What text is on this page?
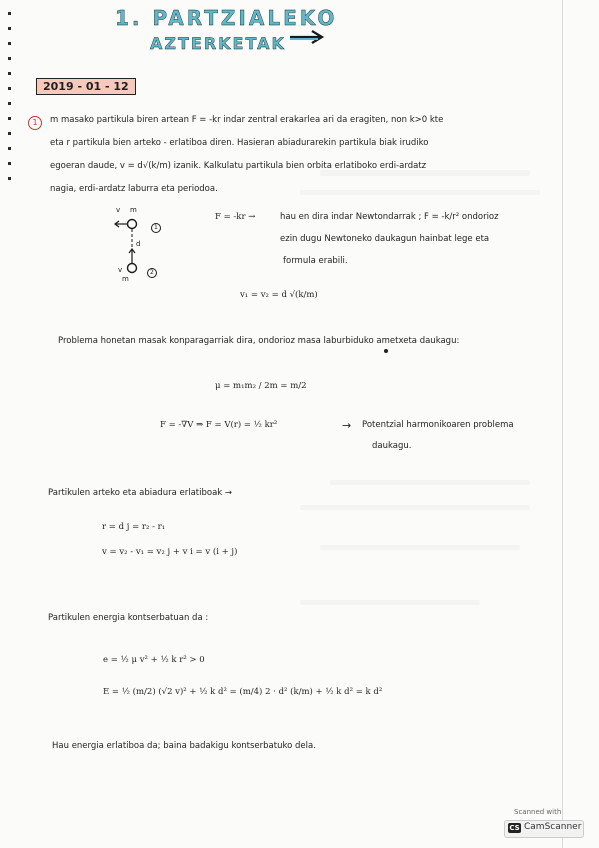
1. PARTZIALEKO
AZTERKETAK
2019 - 01 - 12
1	m masako partikula biren artean F = -kr indar zentral erakarlea ari da eragiten, non k>0 kte
eta r partikula bien arteko - erlatiboa diren. Hasieran abiadurarekin partikula biak irudiko
egoeran daude, v = d√(k/m) izanik. Kalkulatu partikula bien orbita erlatiboko erdi-ardatz
nagia, erdi-ardatz laburra eta periodoa.
v m
d
v
m
1
2
F = -kr →	hau en dira indar Newtondarrak ; F = -k/r² ondorioz
ezin dugu Newtoneko daukagun hainbat lege eta
formula erabili.
v₁ = v₂ = d √(k/m)
Problema honetan masak konparagarriak dira, ondorioz masa laburbiduko ametxeta daukagu:
μ = m₁m₂ / 2m = m/2
F = -∇V ⇒ F = V(r) = ½ kr²	→ Potentzial harmonikoaren problema
daukagu.
Partikulen arteko eta abiadura erlatiboak →
r = d j = r₂ - r₁
v = v₂ - v₁ = v₂ j + v i = v (i + j)
Partikulen energia kontserbatuan da :
e = ½ μ v² + ½ k r² > 0
E = ½ (m/2) (√2 v)² + ½ k d² = (m/4) 2 · d² (k/m) + ½ k d² = k d²
Hau energia erlatiboa da; baina badakigu kontserbatuko dela.
Scanned with
CS CamScanner
